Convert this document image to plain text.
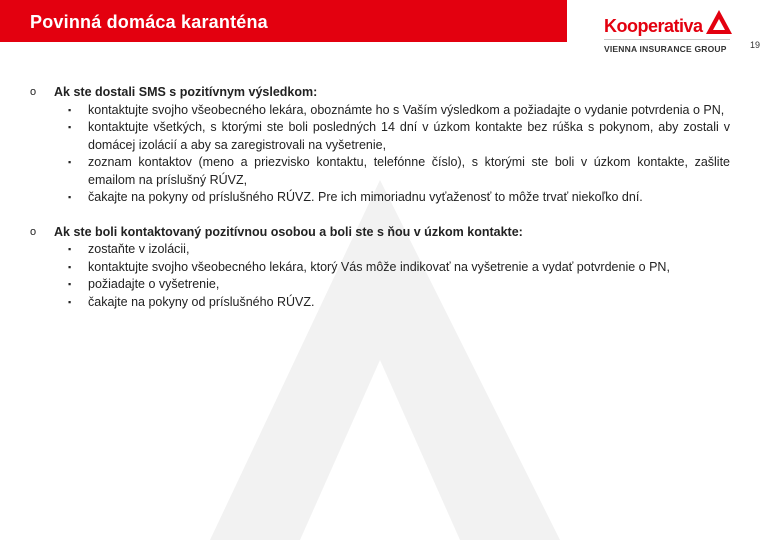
Povinná domáca karanténa	Kooperativa
VIENNA INSURANCE GROUP	19
o	Ak ste dostali SMS s pozitívnym výsledkom:
▪ kontaktujte svojho všeobecného lekára, oboznámte ho s Vaším výsledkom a požiadajte o vydanie potvrdenia o PN,
▪ kontaktujte všetkých, s ktorými ste boli posledných 14 dní v úzkom kontakte bez rúška s pokynom, aby zostali v domácej izolácií a aby sa zaregistrovali na vyšetrenie,
▪ zoznam kontaktov (meno a priezvisko kontaktu, telefónne číslo), s ktorými ste boli v úzkom kontakte, zašlite emailom na príslušný RÚVZ,
▪ čakajte na pokyny od príslušného RÚVZ. Pre ich mimoriadnu vyťaženosť to môže trvať niekoľko dní.
o	Ak ste boli kontaktovaný pozitívnou osobou a boli ste s ňou v úzkom kontakte:
▪ zostaňte v izolácii,
▪ kontaktujte svojho všeobecného lekára, ktorý Vás môže indikovať na vyšetrenie a vydať potvrdenie o PN,
▪ požiadajte o vyšetrenie,
▪ čakajte na pokyny od príslušného RÚVZ.
